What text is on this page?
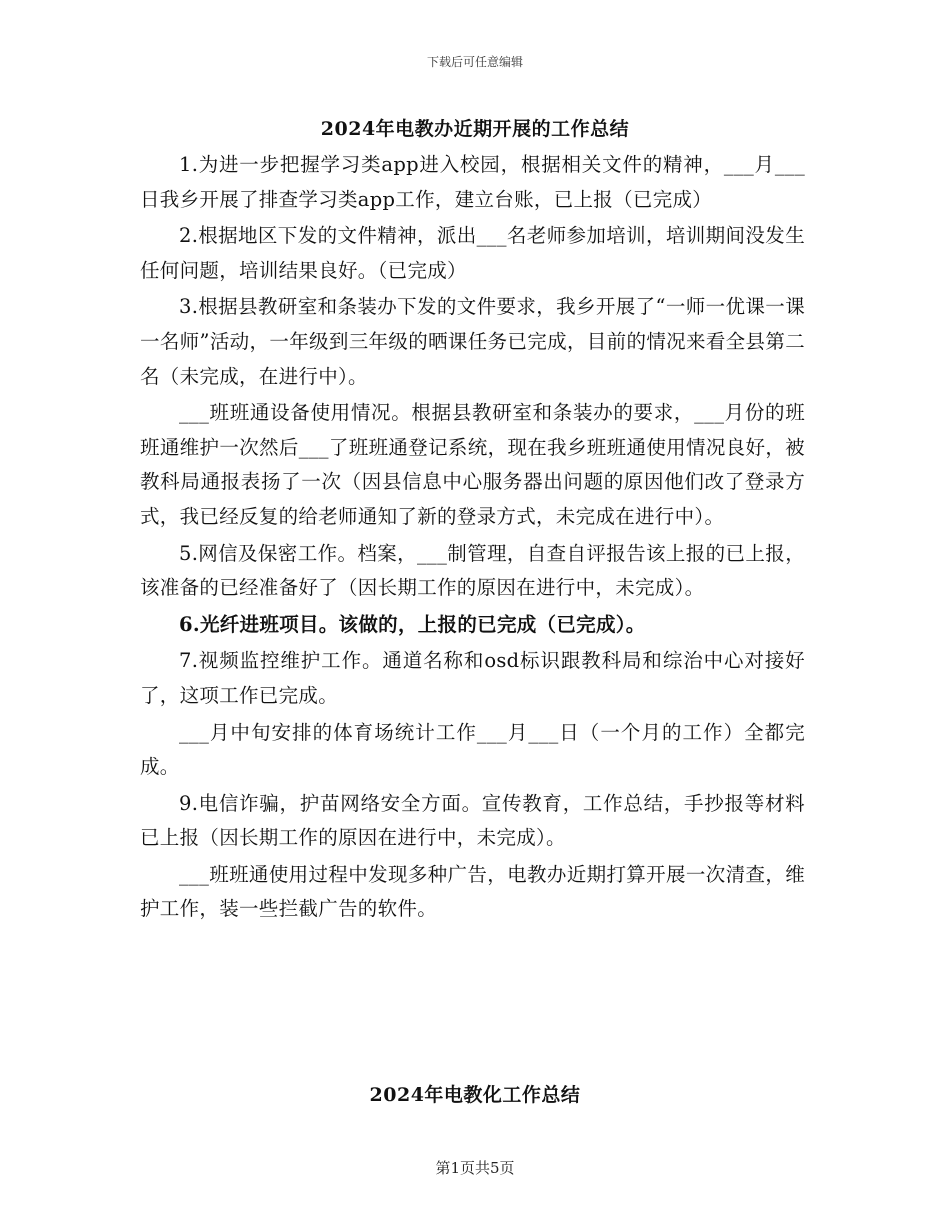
下载后可任意编辑
2024年电教办近期开展的工作总结

1.为进一步把握学习类app进入校园，根据相关文件的精神，___月___日我乡开展了排查学习类app工作，建立台账，已上报（已完成）

2.根据地区下发的文件精神，派出___名老师参加培训，培训期间没发生任何问题，培训结果良好。（已完成）

3.根据县教研室和条装办下发的文件要求，我乡开展了“一师一优课一课一名师”活动，一年级到三年级的晒课任务已完成，目前的情况来看全县第二名（未完成，在进行中）。

___班班通设备使用情况。根据县教研室和条装办的要求，___月份的班班通维护一次然后___了班班通登记系统，现在我乡班班通使用情况良好，被教科局通报表扬了一次（因县信息中心服务器出问题的原因他们改了登录方式，我已经反复的给老师通知了新的登录方式，未完成在进行中）。

5.网信及保密工作。档案，___制管理，自查自评报告该上报的已上报，该准备的已经准备好了（因长期工作的原因在进行中，未完成）。

6.光纤进班项目。该做的，上报的已完成（已完成）。

7.视频监控维护工作。通道名称和osd标识跟教科局和综治中心对接好了，这项工作已完成。

___月中旬安排的体育场统计工作___月___日（一个月的工作）全都完成。

9.电信诈骗，护苗网络安全方面。宣传教育，工作总结，手抄报等材料已上报（因长期工作的原因在进行中，未完成）。

___班班通使用过程中发现多种广告，电教办近期打算开展一次清查，维护工作，装一些拦截广告的软件。

2024年电教化工作总结
第1页共5页
